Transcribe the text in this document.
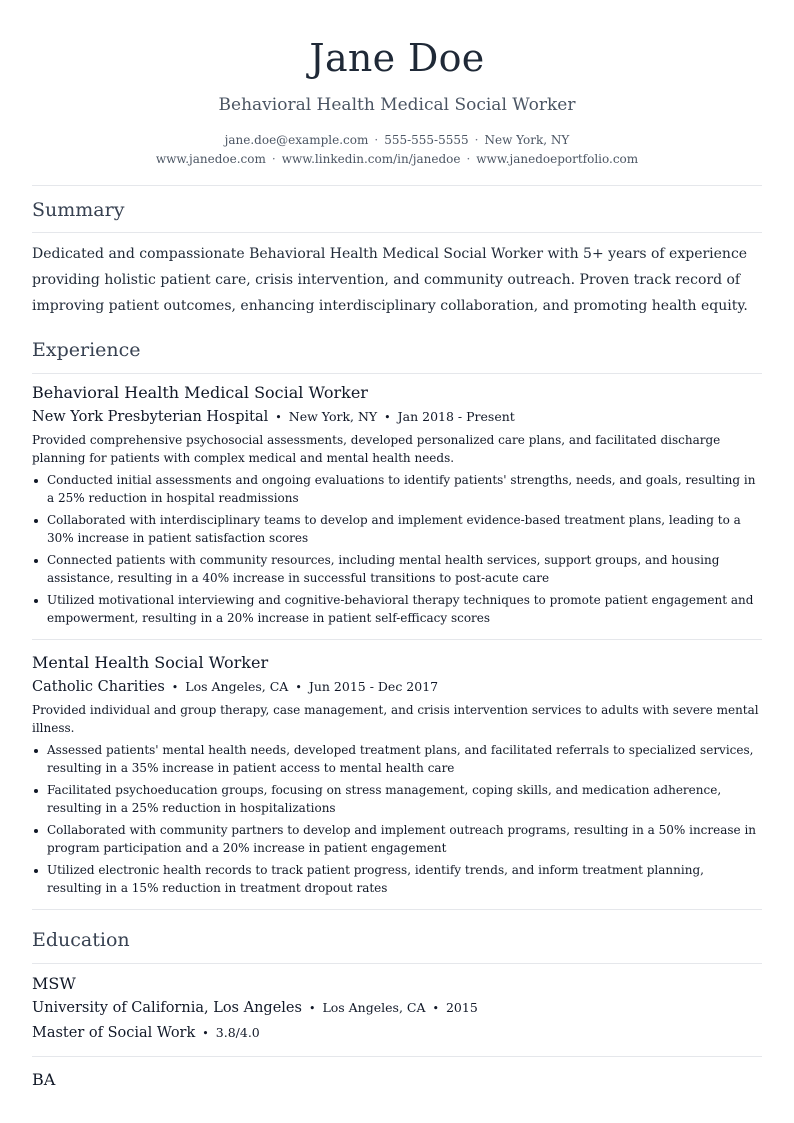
Jane Doe
Behavioral Health Medical Social Worker
jane.doe@example.com · 555-555-5555 · New York, NY
www.janedoe.com · www.linkedin.com/in/janedoe · www.janedoeportfolio.com
Summary
Dedicated and compassionate Behavioral Health Medical Social Worker with 5+ years of experience providing holistic patient care, crisis intervention, and community outreach. Proven track record of improving patient outcomes, enhancing interdisciplinary collaboration, and promoting health equity.
Experience
Behavioral Health Medical Social Worker
New York Presbyterian Hospital • New York, NY • Jan 2018 - Present
Provided comprehensive psychosocial assessments, developed personalized care plans, and facilitated discharge planning for patients with complex medical and mental health needs.
Conducted initial assessments and ongoing evaluations to identify patients' strengths, needs, and goals, resulting in a 25% reduction in hospital readmissions
Collaborated with interdisciplinary teams to develop and implement evidence-based treatment plans, leading to a 30% increase in patient satisfaction scores
Connected patients with community resources, including mental health services, support groups, and housing assistance, resulting in a 40% increase in successful transitions to post-acute care
Utilized motivational interviewing and cognitive-behavioral therapy techniques to promote patient engagement and empowerment, resulting in a 20% increase in patient self-efficacy scores
Mental Health Social Worker
Catholic Charities • Los Angeles, CA • Jun 2015 - Dec 2017
Provided individual and group therapy, case management, and crisis intervention services to adults with severe mental illness.
Assessed patients' mental health needs, developed treatment plans, and facilitated referrals to specialized services, resulting in a 35% increase in patient access to mental health care
Facilitated psychoeducation groups, focusing on stress management, coping skills, and medication adherence, resulting in a 25% reduction in hospitalizations
Collaborated with community partners to develop and implement outreach programs, resulting in a 50% increase in program participation and a 20% increase in patient engagement
Utilized electronic health records to track patient progress, identify trends, and inform treatment planning, resulting in a 15% reduction in treatment dropout rates
Education
MSW
University of California, Los Angeles • Los Angeles, CA • 2015
Master of Social Work • 3.8/4.0
BA
